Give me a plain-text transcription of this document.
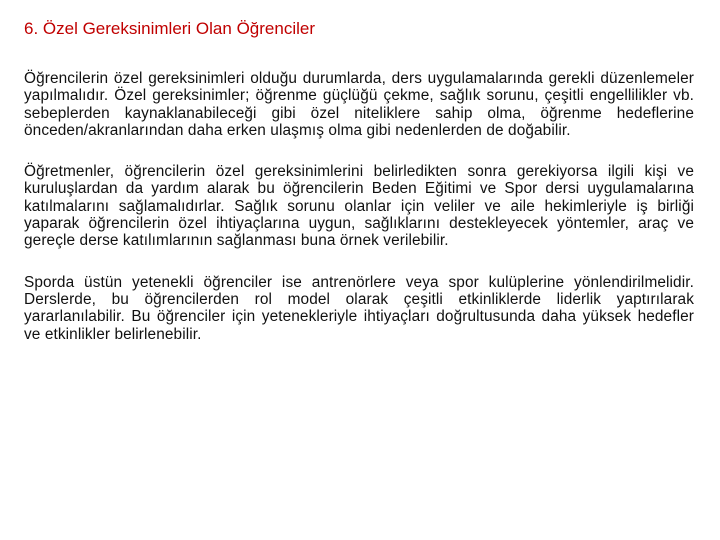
6. Özel Gereksinimleri Olan Öğrenciler

Öğrencilerin özel gereksinimleri olduğu durumlarda, ders uygulamalarında gerekli düzenlemeler yapılmalıdır. Özel gereksinimler; öğrenme güçlüğü çekme, sağlık sorunu, çeşitli engellilikler vb. sebeplerden kaynaklanabileceği gibi özel niteliklere sahip olma, öğrenme hedeflerine önceden/akranlarından daha erken ulaşmış olma gibi nedenlerden de doğabilir.

Öğretmenler, öğrencilerin özel gereksinimlerini belirledikten sonra gerekiyorsa ilgili kişi ve kuruluşlardan da yardım alarak bu öğrencilerin Beden Eğitimi ve Spor dersi uygulamalarına katılmalarını sağlamalıdırlar. Sağlık sorunu olanlar için veliler ve aile hekimleriyle iş birliği yaparak öğrencilerin özel ihtiyaçlarına uygun, sağlıklarını destekleyecek yöntemler, araç ve gereçle derse katılımlarının sağlanması buna örnek verilebilir.

Sporda üstün yetenekli öğrenciler ise antrenörlere veya spor kulüplerine yönlendirilmelidir. Derslerde, bu öğrencilerden rol model olarak çeşitli etkinliklerde liderlik yaptırılarak yararlanılabilir. Bu öğrenciler için yetenekleriyle ihtiyaçları doğrultusunda daha yüksek hedefler ve etkinlikler belirlenebilir.
